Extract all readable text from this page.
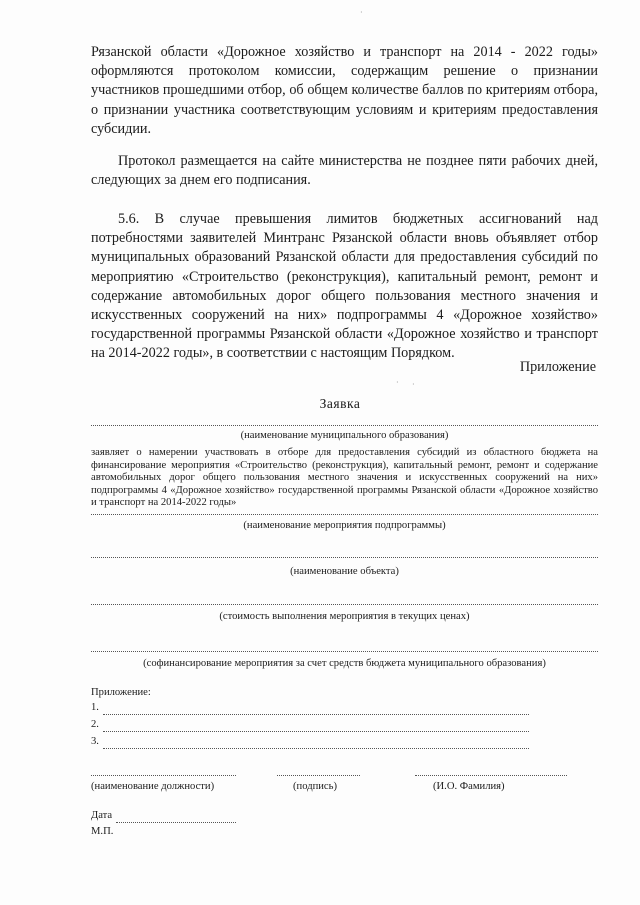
Рязанской области «Дорожное хозяйство и транспорт на 2014 - 2022 годы» оформляются протоколом комиссии, содержащим решение о признании участников прошедшими отбор, об общем количестве баллов по критериям отбора, о признании участника соответствующим условиям и критериям предоставления субсидии.

Протокол размещается на сайте министерства не позднее пяти рабочих дней, следующих за днем его подписания.

5.6. В случае превышения лимитов бюджетных ассигнований над потребностями заявителей Минтранс Рязанской области вновь объявляет отбор муниципальных образований Рязанской области для предоставления субсидий по мероприятию «Строительство (реконструкция), капитальный ремонт, ремонт и содержание автомобильных дорог общего пользования местного значения и искусственных сооружений на них» подпрограммы 4 «Дорожное хозяйство» государственной программы Рязанской области «Дорожное хозяйство и транспорт на 2014-2022 годы», в соответствии с настоящим Порядком.

Приложение
Заявка
(наименование муниципального образования)

заявляет о намерении участвовать в отборе для предоставления субсидий из областного бюджета на финансирование мероприятия «Строительство (реконструкция), капитальный ремонт, ремонт и содержание автомобильных дорог общего пользования местного значения и искусственных сооружений на них» подпрограммы 4 «Дорожное хозяйство» государственной программы Рязанской области «Дорожное хозяйство и транспорт на 2014-2022 годы»

(наименование мероприятия подпрограммы)
(наименование объекта)
(стоимость выполнения мероприятия в текущих ценах)
(софинансирование мероприятия за счет средств бюджета муниципального образования)
Приложение:
1.
2.
3.
(наименование должности)	(подпись)	(И.О. Фамилия)
Дата
М.П.
·
· ·
